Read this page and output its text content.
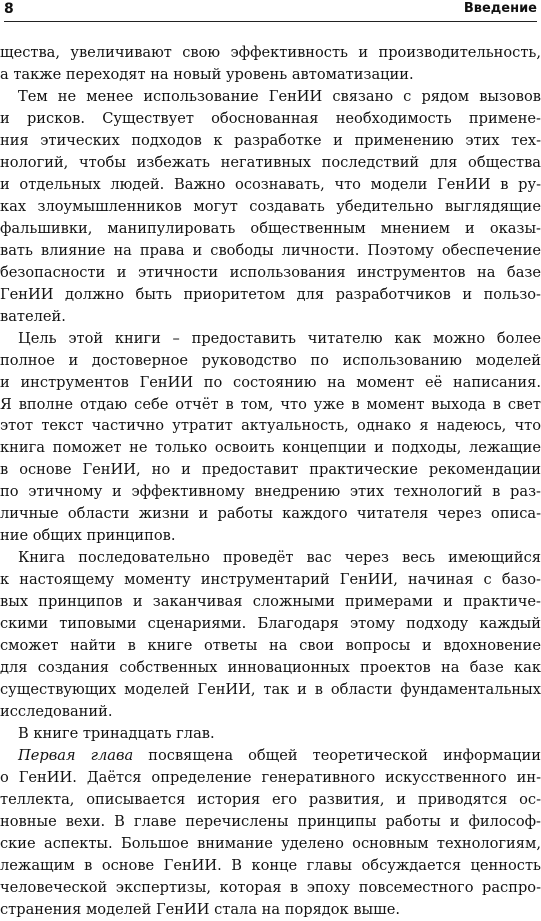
8	Введение
щества, увеличивают свою эффективность и производительность,
а также переходят на новый уровень автоматизации.
Тем не менее использование ГенИИ связано с рядом вызовов
и рисков. Существует обоснованная необходимость примене-
ния этических подходов к разработке и применению этих тех-
нологий, чтобы избежать негативных последствий для общества
и отдельных людей. Важно осознавать, что модели ГенИИ в ру-
ках злоумышленников могут создавать убедительно выглядящие
фальшивки, манипулировать общественным мнением и оказы-
вать влияние на права и свободы личности. Поэтому обеспечение
безопасности и этичности использования инструментов на базе
ГенИИ должно быть приоритетом для разработчиков и пользо-
вателей.
Цель этой книги – предоставить читателю как можно более
полное и достоверное руководство по использованию моделей
и инструментов ГенИИ по состоянию на момент её написания.
Я вполне отдаю себе отчёт в том, что уже в момент выхода в свет
этот текст частично утратит актуальность, однако я надеюсь, что
книга поможет не только освоить концепции и подходы, лежащие
в основе ГенИИ, но и предоставит практические рекомендации
по этичному и эффективному внедрению этих технологий в раз-
личные области жизни и работы каждого читателя через описа-
ние общих принципов.
Книга последовательно проведёт вас через весь имеющийся
к настоящему моменту инструментарий ГенИИ, начиная с базо-
вых принципов и заканчивая сложными примерами и практиче-
скими типовыми сценариями. Благодаря этому подходу каждый
сможет найти в книге ответы на свои вопросы и вдохновение
для создания собственных инновационных проектов на базе как
существующих моделей ГенИИ, так и в области фундаментальных
исследований.
В книге тринадцать глав.
Первая глава посвящена общей теоретической информации
о ГенИИ. Даётся определение генеративного искусственного ин-
теллекта, описывается история его развития, и приводятся ос-
новные вехи. В главе перечислены принципы работы и философ-
ские аспекты. Большое внимание уделено основным технологиям,
лежащим в основе ГенИИ. В конце главы обсуждается ценность
человеческой экспертизы, которая в эпоху повсеместного распро-
странения моделей ГенИИ стала на порядок выше.
